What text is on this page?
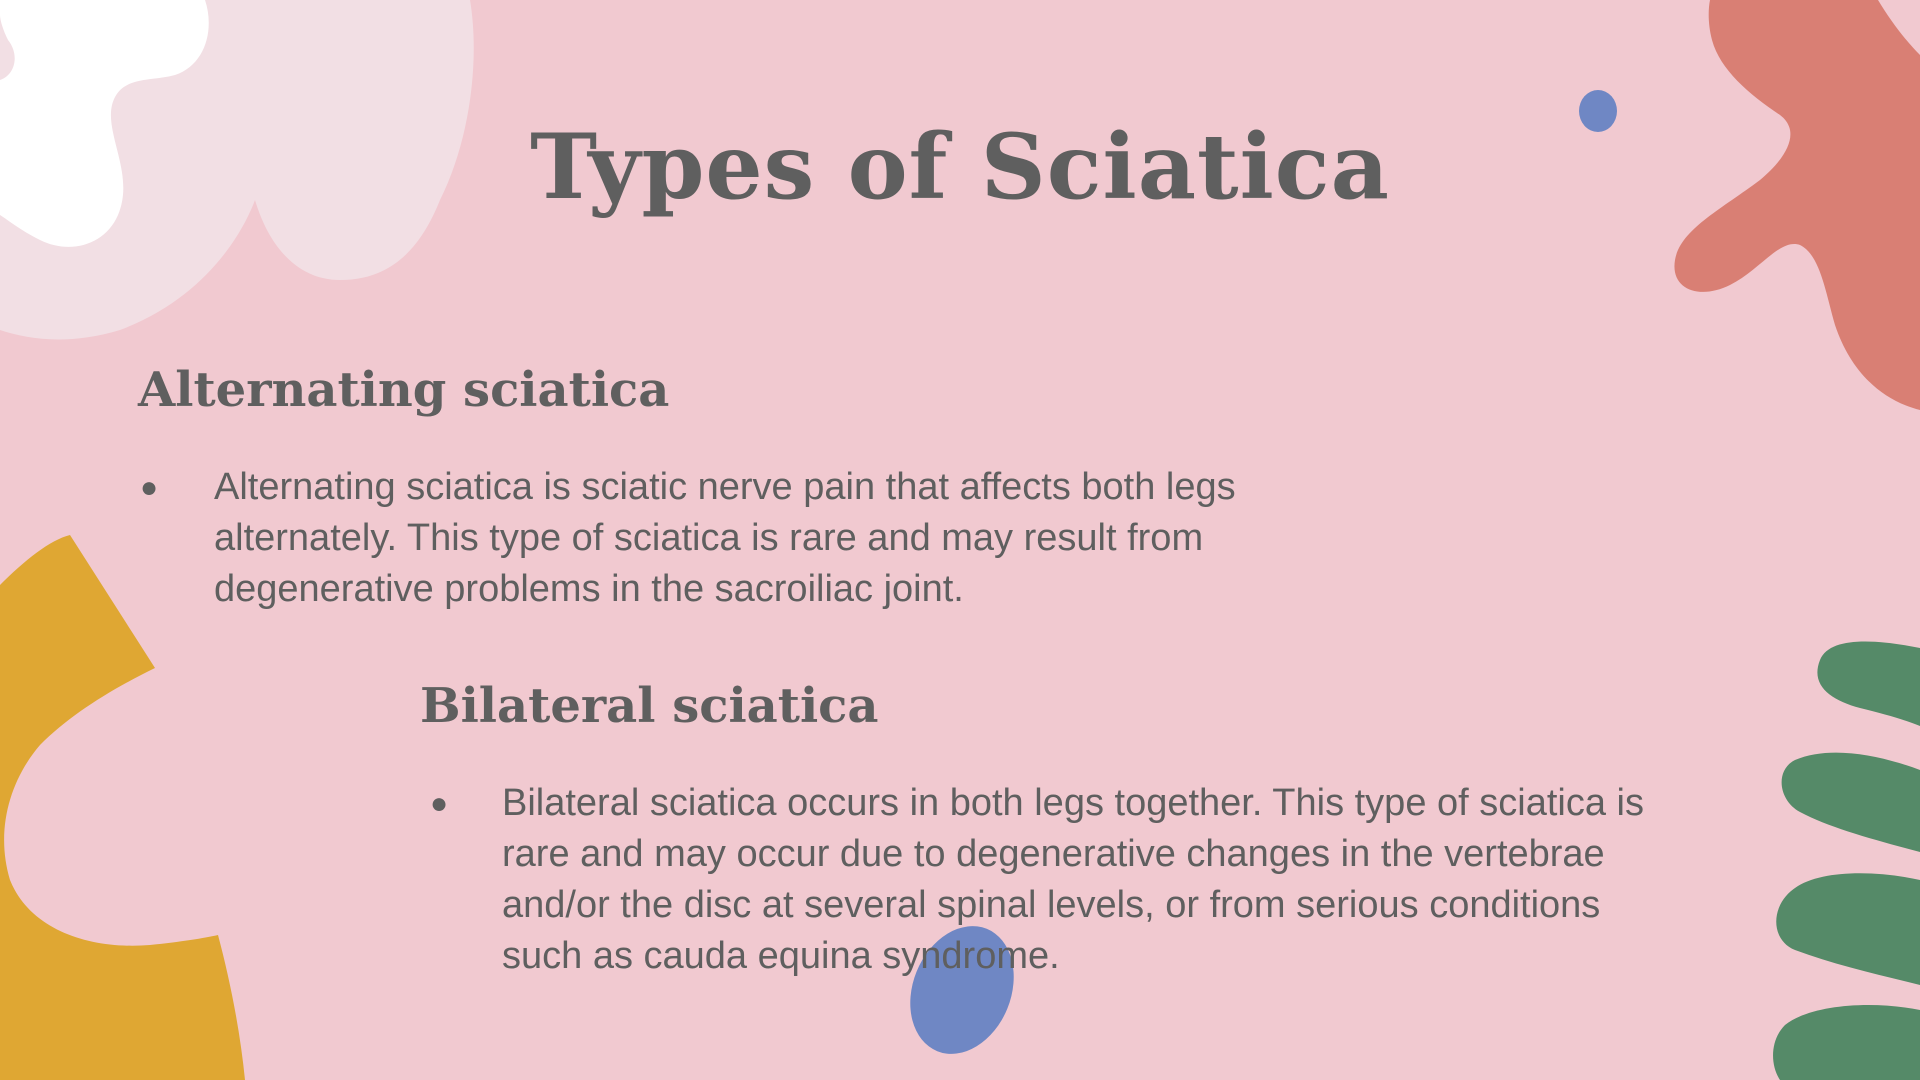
Types of Sciatica
Alternating sciatica
● Alternating sciatica is sciatic nerve pain that affects both legs alternately. This type of sciatica is rare and may result from degenerative problems in the sacroiliac joint.
Bilateral sciatica
● Bilateral sciatica occurs in both legs together. This type of sciatica is rare and may occur due to degenerative changes in the vertebrae and/or the disc at several spinal levels, or from serious conditions such as cauda equina syndrome.
